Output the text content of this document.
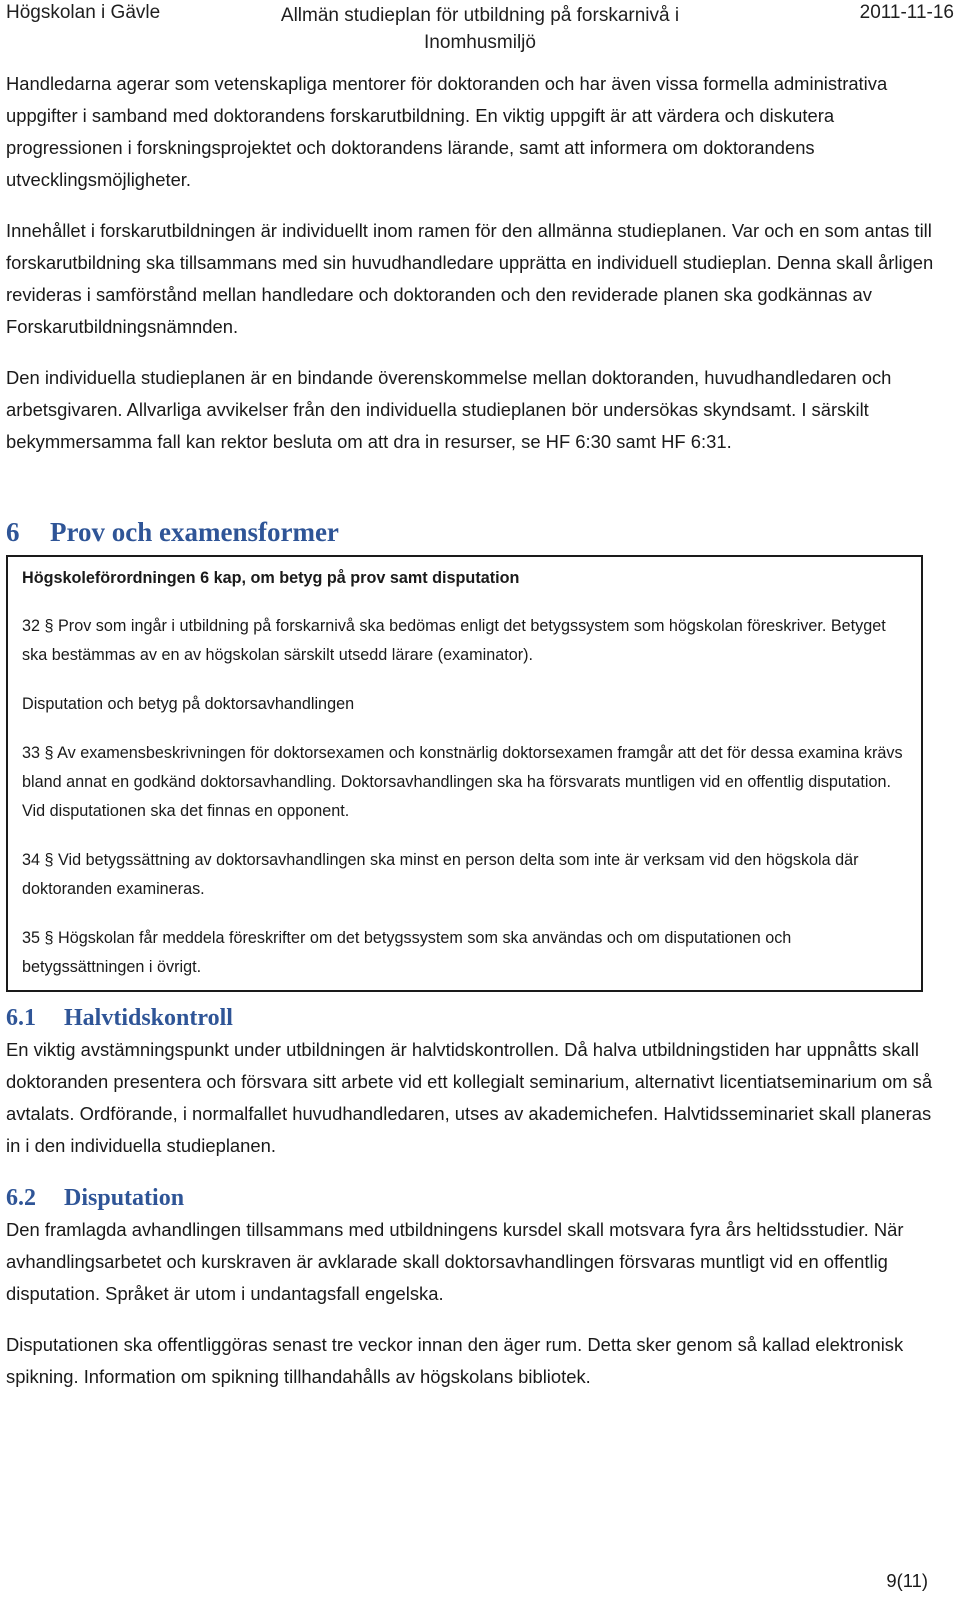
Högskolan i Gävle	Allmän studieplan för utbildning på forskarnivå i Inomhusmiljö
2011-11-16

Handledarna agerar som vetenskapliga mentorer för doktoranden och har även vissa formella administrativa uppgifter i samband med doktorandens forskarutbildning. En viktig uppgift är att värdera och diskutera progressionen i forskningsprojektet och doktorandens lärande, samt att informera om doktorandens utvecklingsmöjligheter.

Innehållet i forskarutbildningen är individuellt inom ramen för den allmänna studieplanen. Var och en som antas till forskarutbildning ska tillsammans med sin huvudhandledare upprätta en individuell studieplan. Denna skall årligen revideras i samförstånd mellan handledare och doktoranden och den reviderade planen ska godkännas av Forskarutbildningsnämnden.

Den individuella studieplanen är en bindande överenskommelse mellan doktoranden, huvudhandledaren och arbetsgivaren. Allvarliga avvikelser från den individuella studieplanen bör undersökas skyndsamt. I särskilt bekymmersamma fall kan rektor besluta om att dra in resurser, se HF 6:30 samt HF 6:31.

6	Prov och examensformer

Högskoleförordningen 6 kap, om betyg på prov samt disputation

32 § Prov som ingår i utbildning på forskarnivå ska bedömas enligt det betygssystem som högskolan föreskriver. Betyget ska bestämmas av en av högskolan särskilt utsedd lärare (examinator).

Disputation och betyg på doktorsavhandlingen

33 § Av examensbeskrivningen för doktorsexamen och konstnärlig doktorsexamen framgår att det för dessa examina krävs bland annat en godkänd doktorsavhandling. Doktorsavhandlingen ska ha försvarats muntligen vid en offentlig disputation. Vid disputationen ska det finnas en opponent.

34 § Vid betygssättning av doktorsavhandlingen ska minst en person delta som inte är verksam vid den högskola där doktoranden examineras.

35 § Högskolan får meddela föreskrifter om det betygssystem som ska användas och om disputationen och betygssättningen i övrigt.

6.1	Halvtidskontroll

En viktig avstämningspunkt under utbildningen är halvtidskontrollen. Då halva utbildningstiden har uppnåtts skall doktoranden presentera och försvara sitt arbete vid ett kollegialt seminarium, alternativt licentiatseminarium om så avtalats. Ordförande, i normalfallet huvudhandledaren, utses av akademichefen. Halvtidsseminariet skall planeras in i den individuella studieplanen.

6.2	Disputation

Den framlagda avhandlingen tillsammans med utbildningens kursdel skall motsvara fyra års heltidsstudier. När avhandlingsarbetet och kurskraven är avklarade skall doktorsavhandlingen försvaras muntligt vid en offentlig disputation. Språket är utom i undantagsfall engelska.

Disputationen ska offentliggöras senast tre veckor innan den äger rum. Detta sker genom så kallad elektronisk spikning. Information om spikning tillhandahålls av högskolans bibliotek.

9(11)
